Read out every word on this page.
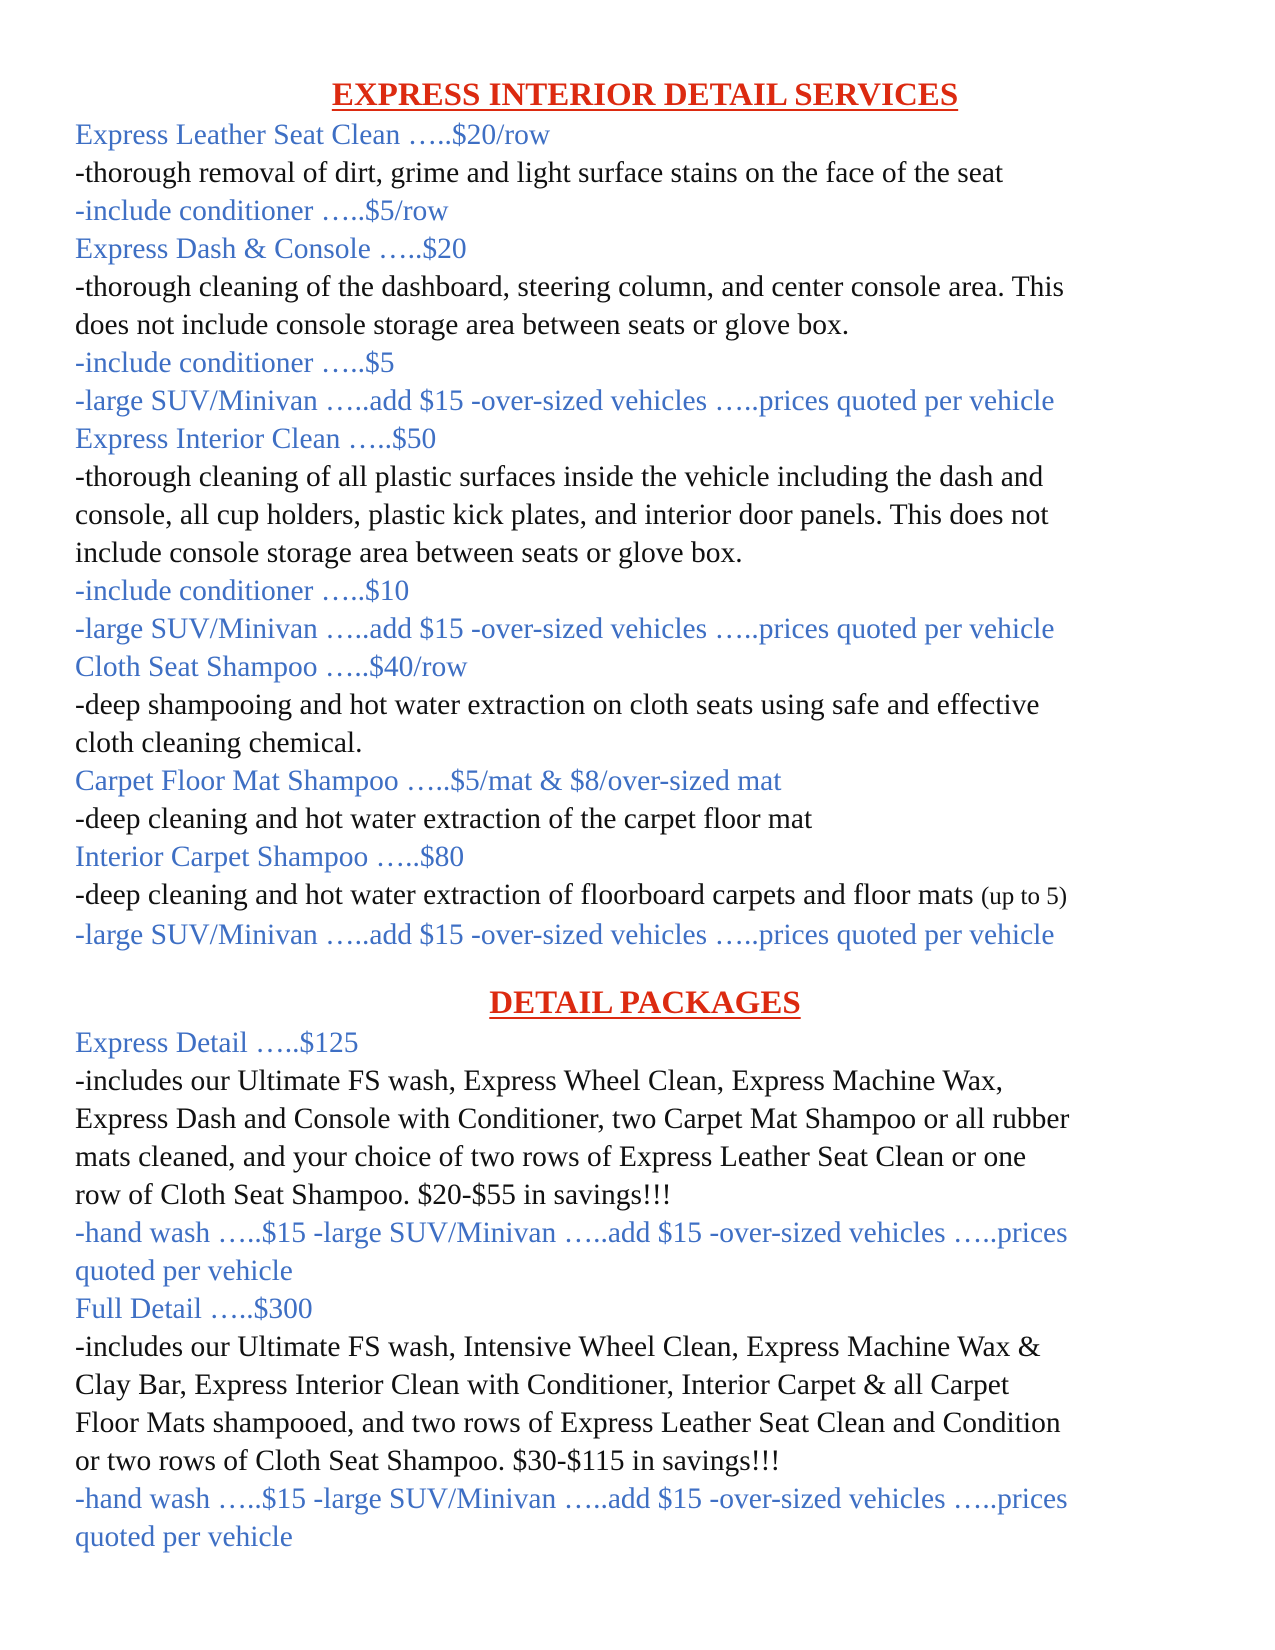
EXPRESS INTERIOR DETAIL SERVICES

Express Leather Seat Clean …..$20/row

-thorough removal of dirt, grime and light surface stains on the face of the seat

-include conditioner …..$5/row

Express Dash & Console …..$20

-thorough cleaning of the dashboard, steering column, and center console area. This

does not include console storage area between seats or glove box.

-include conditioner …..$5

-large SUV/Minivan …..add $15 -over-sized vehicles …..prices quoted per vehicle

Express Interior Clean …..$50

-thorough cleaning of all plastic surfaces inside the vehicle including the dash and

console, all cup holders, plastic kick plates, and interior door panels. This does not

include console storage area between seats or glove box.

-include conditioner …..$10

-large SUV/Minivan …..add $15 -over-sized vehicles …..prices quoted per vehicle

Cloth Seat Shampoo …..$40/row

-deep shampooing and hot water extraction on cloth seats using safe and effective

cloth cleaning chemical.

Carpet Floor Mat Shampoo …..$5/mat & $8/over-sized mat

-deep cleaning and hot water extraction of the carpet floor mat

Interior Carpet Shampoo …..$80

-deep cleaning and hot water extraction of floorboard carpets and floor mats (up to 5)

-large SUV/Minivan …..add $15 -over-sized vehicles …..prices quoted per vehicle

DETAIL PACKAGES

Express Detail …..$125

-includes our Ultimate FS wash, Express Wheel Clean, Express Machine Wax,

Express Dash and Console with Conditioner, two Carpet Mat Shampoo or all rubber

mats cleaned, and your choice of two rows of Express Leather Seat Clean or one

row of Cloth Seat Shampoo. $20-$55 in savings!!!

-hand wash …..$15 -large SUV/Minivan …..add $15 -over-sized vehicles …..prices

quoted per vehicle

Full Detail …..$300

-includes our Ultimate FS wash, Intensive Wheel Clean, Express Machine Wax &

Clay Bar, Express Interior Clean with Conditioner, Interior Carpet & all Carpet

Floor Mats shampooed, and two rows of Express Leather Seat Clean and Condition

or two rows of Cloth Seat Shampoo. $30-$115 in savings!!!

-hand wash …..$15 -large SUV/Minivan …..add $15 -over-sized vehicles …..prices

quoted per vehicle
